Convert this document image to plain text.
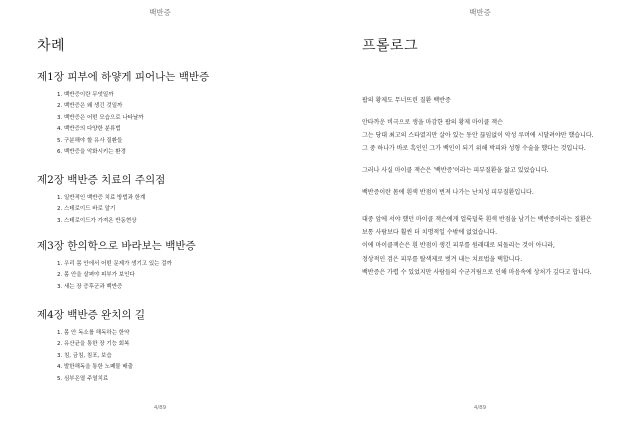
백반증
차례
제1장 피부에 하얗게 피어나는 백반증
1. 백반증이란 무엇일까
2. 백반증은 왜 생긴 것일까
3. 백반증은 어떤 모습으로 나타날까
4. 백반증의 다양한 분류법
5. 구분해야 할 유사 질환들
6. 백반증을 악화시키는 환경
제2장 백반증 치료의 주의점
1. 일반적인 백반증 치료 방법과 한계
2. 스테로이드 바로 알기
3. 스테로이드가 가져온 반동현상
제3장 한의학으로 바라보는 백반증
1. 우리 몸 안에서 어떤 문제가 생기고 있는 걸까
2. 몸 안을 살펴야 피부가 보인다
3. 새는 장 증후군과 백반증
제4장 백반증 완치의 길
1. 몸 안 독소를 해독하는 한약
2. 유산균을 통한 장 기능 회복
3. 침, 금침, 침포, 보습
4. 발한해독을 통한 노폐물 배출
5. 심부온열 주열치료
4/89
백반증
프롤로그

팝의 황제도 무너뜨린 질환 백반증

안타까운 비극으로 생을 마감한 팝의 황제 마이클 잭슨

그는 당대 최고의 스타였지만 살아 있는 동안 끊임없이 악성 루머에 시달려야만 했습니다.

그 중 하나가 바로 흑인인 그가 백인이 되기 위해 박피와 성형 수술을 했다는 것입니다.

그러나 사실 마이클 잭슨은 '백반증'이라는 피부질환을 앓고 있었습니다.

백반증이란 몸에 흰색 반점이 번져 나가는 난치성 피부질환입니다.

대중 앞에 서야 했던 마이클 잭슨에게 얼룩덜룩 흰색 반점을 남기는 백반증이라는 질환은

보통 사람보다 훨씬 더 치명적일 수밖에 없었습니다.

이에 마이클잭슨은 흰 반점이 생긴 피부를 원래대로 되돌리는 것이 아니라,

정상적인 검은 피부를 탈색제로 벗겨 내는 치료법을 택합니다.

백반증은 가렵 수 있었지만 사람들의 수군거림으로 인해 마음속에 상처가 깊다고 합니다.

4/89
